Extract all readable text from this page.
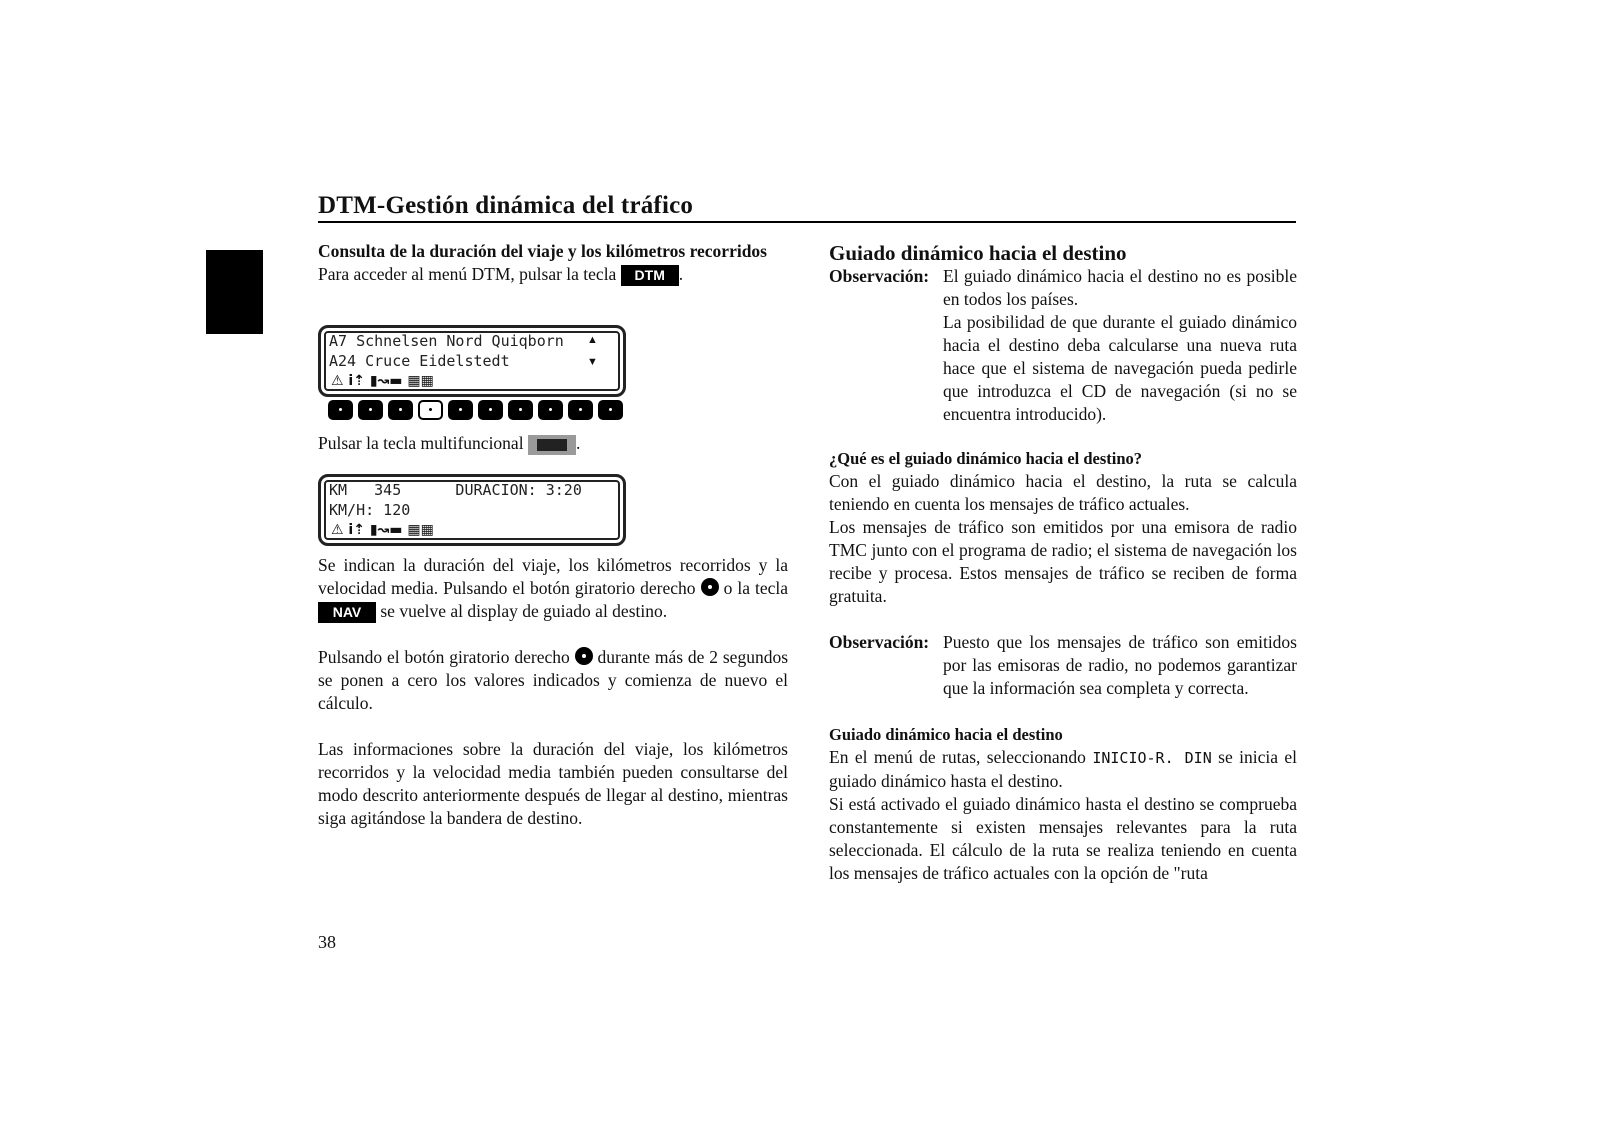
DTM-Gestión dinámica del tráfico

Consulta de la duración del viaje y los kilómetros recorridos

Para acceder al menú DTM, pulsar la tecla DTM .

A7 Schnelsen Nord Quiqborn
A24 Cruce Eidelstedt
▲
▼
⚠ i⇡ ▮↝▬ ▦▦
Pulsar la tecla multifuncional	.
KM   345      DURACION: 3:20
KM/H: 120
⚠ i⇡ ▮↝▬ ▦▦

Se indican la duración del viaje, los kilómetros recorridos y la velocidad media. Pulsando el botón giratorio derecho o la tecla NAV se vuelve al display de guiado al destino.

Pulsando el botón giratorio derecho durante más de 2 segundos se ponen a cero los valores indicados y comienza de nuevo el cálculo.

Las informaciones sobre la duración del viaje, los kilómetros recorridos y la velocidad media también pueden consultarse del modo descrito anteriormente después de llegar al destino, mientras siga agitándose la bandera de destino.

Guiado dinámico hacia el destino

Observación: El guiado dinámico hacia el destino no es posible en todos los países.

La posibilidad de que durante el guiado dinámico hacia el destino deba calcularse una nueva ruta hace que el sistema de navegación pueda pedirle que introduzca el CD de navegación (si no se encuentra introducido).

¿Qué es el guiado dinámico hacia el destino?

Con el guiado dinámico hacia el destino, la ruta se calcula teniendo en cuenta los mensajes de tráfico actuales.

Los mensajes de tráfico son emitidos por una emisora de radio TMC junto con el programa de radio; el sistema de navegación los recibe y procesa. Estos mensajes de tráfico se reciben de forma gratuita.

Observación: Puesto que los mensajes de tráfico son emitidos por las emisoras de radio, no podemos garantizar que la información sea completa y correcta.

Guiado dinámico hacia el destino

En el menú de rutas, seleccionando INICIO-R. DIN se inicia el guiado dinámico hasta el destino.

Si está activado el guiado dinámico hasta el destino se comprueba constantemente si existen mensajes relevantes para la ruta seleccionada. El cálculo de la ruta se realiza teniendo en cuenta los mensajes de tráfico actuales con la opción de "ruta

38
